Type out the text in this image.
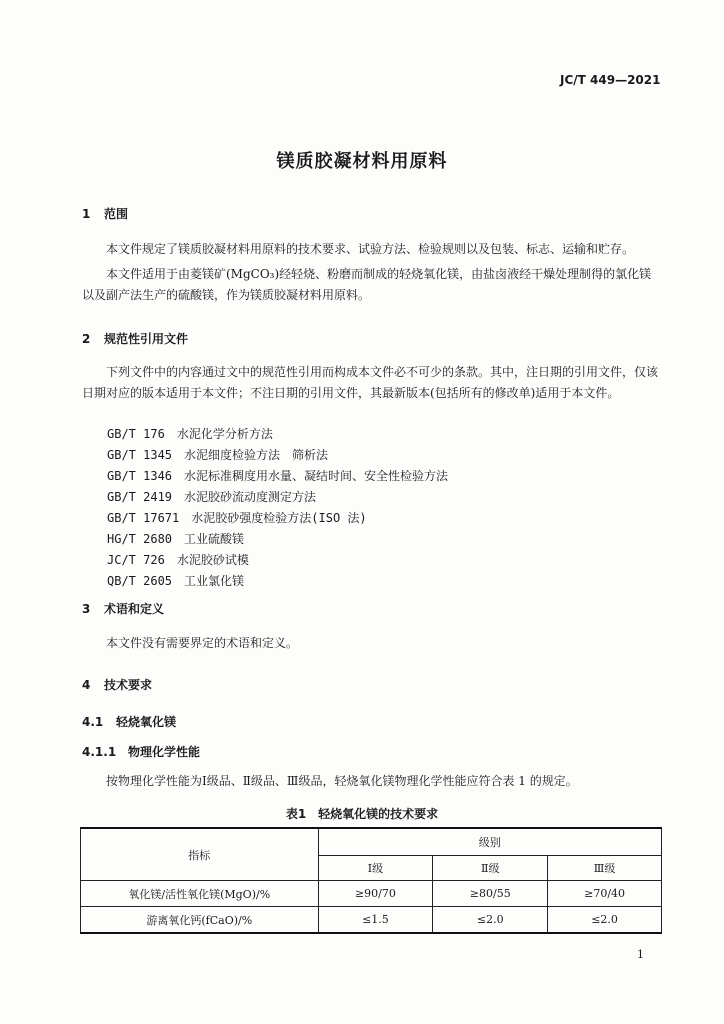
JC/T 449—2021
镁质胶凝材料用原料
1 范围
本文件规定了镁质胶凝材料用原料的技术要求、试验方法、检验规则以及包装、标志、运输和贮存。
本文件适用于由菱镁矿(MgCO₃)经轻烧、粉磨而制成的轻烧氧化镁，由盐卤液经干燥处理制得的氯化镁以及副产法生产的硫酸镁，作为镁质胶凝材料用原料。
2 规范性引用文件
下列文件中的内容通过文中的规范性引用而构成本文件必不可少的条款。其中，注日期的引用文件，仅该日期对应的版本适用于本文件；不注日期的引用文件，其最新版本(包括所有的修改单)适用于本文件。
GB/T 176　 水泥化学分析方法
GB/T 1345　 水泥细度检验方法　筛析法
GB/T 1346　 水泥标准稠度用水量、凝结时间、安全性检验方法
GB/T 2419　 水泥胶砂流动度测定方法
GB/T 17671　 水泥胶砂强度检验方法(ISO 法)
HG/T 2680　 工业硫酸镁
JC/T 726　 水泥胶砂试模
QB/T 2605　 工业氯化镁
3 术语和定义
本文件没有需要界定的术语和定义。
4 技术要求
4.1 轻烧氧化镁
4.1.1 物理化学性能
按物理化学性能为Ⅰ级品、Ⅱ级品、Ⅲ级品，轻烧氧化镁物理化学性能应符合表 1 的规定。
表1　轻烧氧化镁的技术要求
指标	级别		
	Ⅰ级	Ⅱ级	Ⅲ级
氧化镁/活性氧化镁(MgO)/%	≥90/70	≥80/55	≥70/40
游离氧化钙(fCaO)/%	≤1.5	≤2.0	≤2.0
1
